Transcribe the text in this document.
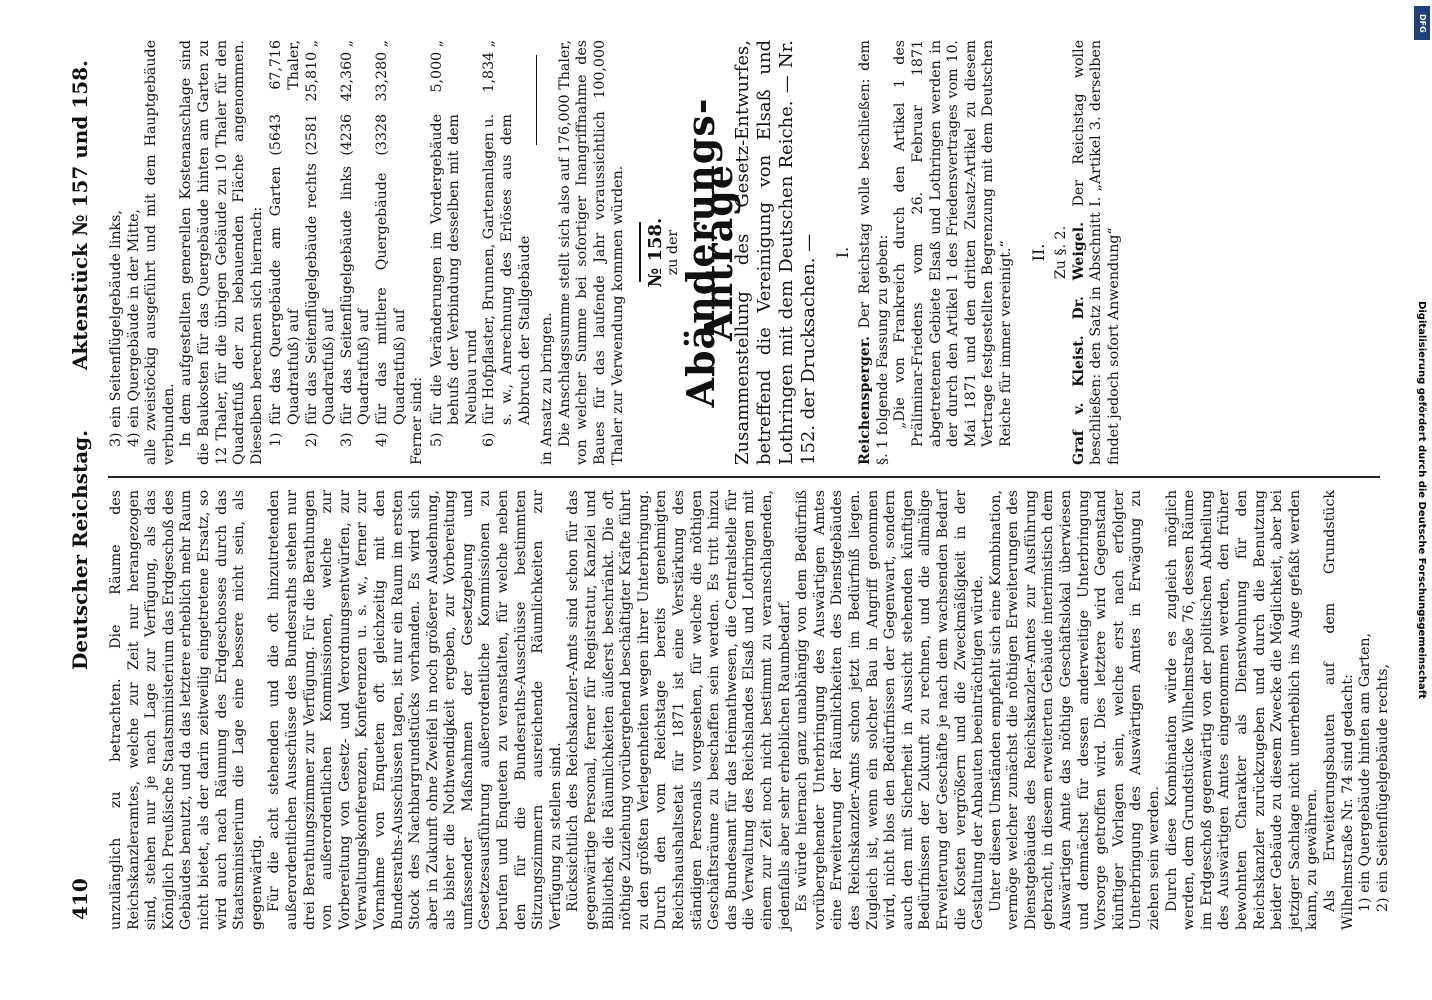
410
Deutscher Reichstag.
Aktenstück № 157 und 158.

unzulänglich zu betrachten. Die Räume des Reichskanzleramtes, welche zur Zeit nur herangezogen sind, stehen nur je nach Lage zur Verfügung, als das Königlich Preußische Staatsministerium das Erdgeschoß des Gebäudes benutzt, und da das letztere erheblich mehr Raum nicht bietet, als der darin zeitweilig eingetretene Ersatz, so wird auch nach Räumung des Erdgeschosses durch das Staatsministerium die Lage eine bessere nicht sein, als gegenwärtig. Für die acht stehenden und die oft hinzutretenden außerordentlichen Ausschüsse des Bundesraths stehen nur drei Berathungszimmer zur Verfügung. Für die Berathungen von außerordentlichen Kommissionen, welche zur Vorbereitung von Gesetz- und Verordnungsentwürfen, zur Verwaltungskonferenzen, Konferenzen u. s. w., ferner zur Vornahme von Enqueten oft gleichzeitig mit den Bundesraths-Ausschüssen tagen, ist nur ein Raum im ersten Stock des Nachbargrundstücks vorhanden. Es wird sich aber in Zukunft ohne Zweifel in noch größerer Ausdehnung, als bisher die Nothwendigkeit ergeben, zur Vorbereitung umfassender Maßnahmen der Gesetzgebung und Gesetzesausführung außerordentliche Kommissionen zu berufen und Enqueten zu veranstalten, für welche neben den für die Bundesraths-Ausschüsse bestimmten Sitzungszimmern ausreichende Räumlichkeiten zur Verfügung zu stellen sind. Rücksichtlich des Reichskanzler-Amts sind schon für das gegenwärtige Personal, ferner für Registratur, Kanzlei und Bibliothek die Räumlichkeiten äußerst beschränkt. Die oft nöthige Zuziehung vorübergehend beschäftigter Kräfte führt zu den größten Verlegenheiten wegen ihrer Unterbringung. Durch den vom Reichstage bereits genehmigten Reichshaushaltsetat für 1871 ist eine Verstärkung des ständigen Personals vorgesehen, für welche die nöthigen Geschäftsräume zu beschaffen sein werden. Es tritt hinzu das Bundesamt für das Heimathwesen, die Centralstelle für die Verwaltung des Reichslandes Elsaß und Lothringen mit einem zur Zeit noch nicht bestimmt zu veranschlagenden, jedenfalls aber sehr erheblichen Raumbedarf. Es würde hiernach ganz unabhängig von dem Bedürfniß vorübergehender Unterbringung des Auswärtigen Amtes eine Erweiterung der Räumlichkeiten des Dienstgebäudes des Reichskanzler-Amts schon jetzt im Bedürfniß liegen. Zugleich ist, wenn ein solcher Bau in Angriff genommen wird, nicht blos den Bedürfnissen der Gegenwart, sondern auch den mit Sicherheit in Aussicht stehenden künftigen Bedürfnissen der Zukunft zu rechnen, und die allmälige Erweiterung der Geschäfte je nach dem wachsenden Bedarf die Kosten vergrößern und die Zweckmäßigkeit in der Gestaltung der Anbauten beeinträchtigen würde. Unter diesen Umständen empfiehlt sich eine Kombination, vermöge welcher zunächst die nöthigen Erweiterungen des Dienstgebäudes des Reichskanzler-Amtes zur Ausführung gebracht, in diesem erweiterten Gebäude interimistisch dem Auswärtigen Amte das nöthige Geschäftslokal überwiesen und demnächst für dessen anderweitige Unterbringung Vorsorge getroffen wird. Dies letztere wird Gegenstand künftiger Vorlagen sein, welche erst nach erfolgter Unterbringung des Auswärtigen Amtes in Erwägung zu ziehen sein werden. Durch diese Kombination würde es zugleich möglich werden, dem Grundstücke Wilhelmstraße 76, dessen Räume im Erdgeschoß gegenwärtig von der politischen Abtheilung des Auswärtigen Amtes eingenommen werden, den früher bewohnten Charakter als Dienstwohnung für den Reichskanzler zurückzugeben und durch die Benutzung beider Gebäude zu diesem Zwecke die Möglichkeit, aber bei jetziger Sachlage nicht unerheblich ins Auge gefaßt werden kann, zu gewähren. Als Erweiterungsbauten auf dem Grundstück Wilhelmstraße Nr. 74 sind gedacht: 1) ein Quergebäude hinten am Garten, 2) ein Seitenflügelgebäude rechts,
3) ein Seitenflügelgebäude links, 4) ein Quergebäude in der Mitte, alle zweistöckig ausgeführt und mit dem Hauptgebäude verbunden. In dem aufgestellten generellen Kostenanschlage sind die Baukosten für das Quergebäude hinten am Garten zu 12 Thaler, für die übrigen Gebäude zu 10 Thaler für den Quadratfuß der zu bebauenden Fläche angenommen. Dieselben berechnen sich hiernach: 1)
für das Quergebäude am Garten (5643 Quadratfuß) auf
67,716 Thaler,
2)
für das Seitenflügelgebäude rechts (2581 Quadratfuß) auf
25,810 „
3)
für das Seitenflügelgebäude links (4236 Quadratfuß) auf
42,360 „
4)
für das mittlere Quergebäude (3328 Quadratfuß) auf
33,280 „

Ferner sind: 5)
für die Veränderungen im Vordergebäude behufs der Verbindung desselben mit dem Neubau rund
5,000 „
6)
für Hofpflaster, Brunnen, Gartenanlagen u. s. w., Anrechnung des Erlöses aus dem Abbruch der Stallgebäude
1,834 „

in Ansatz zu bringen. Die Anschlagssumme stellt sich also auf 176,000 Thaler, von welcher Summe bei sofortiger Inangriffnahme des Baues für das laufende Jahr voraussichtlich 100,000 Thaler zur Verwendung kommen würden. № 158.
zu der
Abänderungs-Anträge
Zusammenstellung des Gesetz-Entwurfes, betreffend die Vereinigung von Elsaß und Lothringen mit dem Deutschen Reiche. — Nr. 152. der Drucksachen. — I.

Reichensperger. Der Reichstag wolle beschließen: dem §. 1 folgende Fassung zu geben: „Die von Frankreich durch den Artikel 1 des Präliminar-Friedens vom 26. Februar 1871 abgetretenen Gebiete Elsaß und Lothringen werden in der durch den Artikel 1 des Friedensvertrages vom 10. Mai 1871 und den dritten Zusatz-Artikel zu diesem Vertrage festgestellten Begrenzung mit dem Deutschen Reiche für immer vereinigt.“ II. Zu §. 2. Graf v. Kleist. Dr. Weigel. Der Reichstag wolle beschließen: den Satz in Abschnitt I. „Artikel 3. derselben findet jedoch sofort Anwendung“	Digitalisierung gefördert durch die Deutsche Forschungsgemeinschaft
DFG
